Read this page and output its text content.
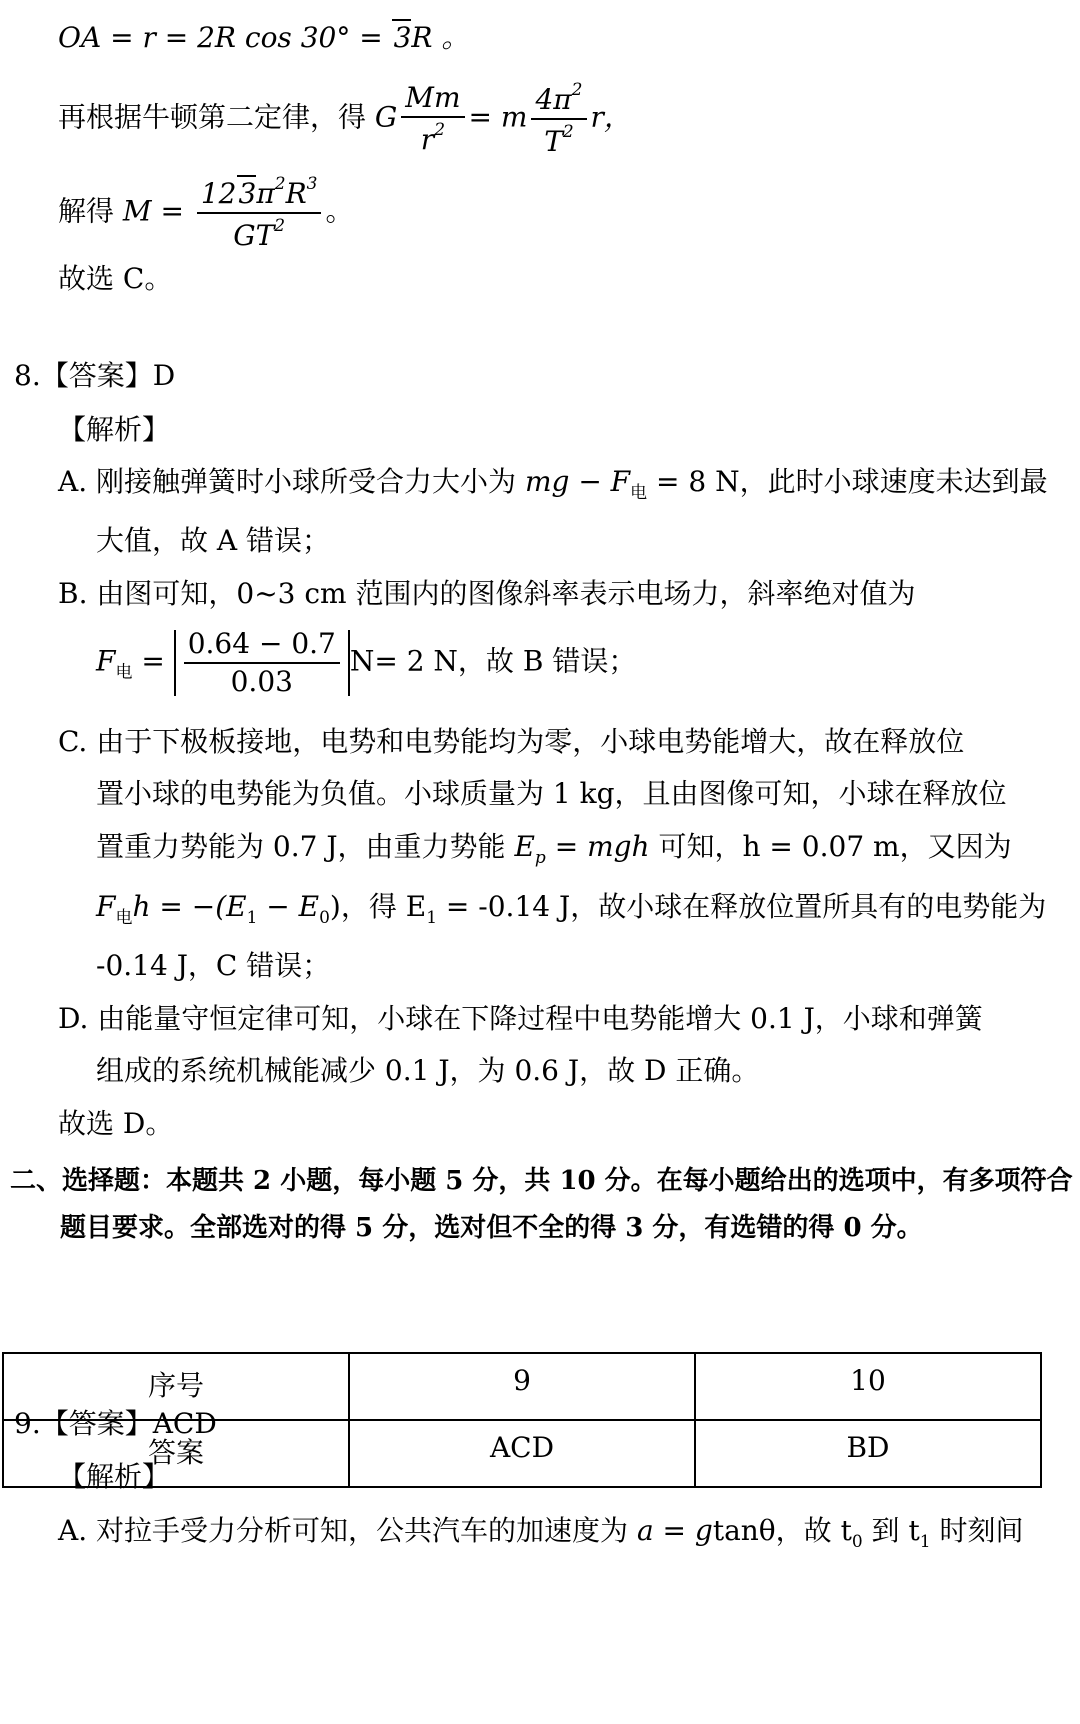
OA = r = 2R cos 30° = 3R 。
再根据牛顿第二定律，得 G $\frac{Mm}{r^2} = m \frac{4\pi^2}{T^2}$ r，
解得 $M = \frac{123\pi^2R^3}{GT^2}$ 。
故选 C。
8.【答案】D
【解析】
A. 刚接触弹簧时小球所受合力大小为 mg − $F_电 = 8$ N，此时小球速度未达到最
大值，故 A 错误；
B. 由图可知，0~3 cm 范围内的图像斜率表示电场力，斜率绝对值为
$F_电 = \frac{0.64 - 0.7}{0.03} N= 2$ N，故 B 错误；
C. 由于下极板接地，电势和电势能均为零，小球电势能增大，故在释放位
置小球的电势能为负值。小球质量为 1 kg，且由图像可知，小球在释放位
置重力势能为 0.7 J，由重力势能 $E_p$ = mgh 可知，h = 0.07 m，又因为
$F_电h = -(E_1 - E_0)$，得 $E_1 = -0.14$ J，故小球在释放位置所具有的电势能为
-0.14 J，C 错误；
D. 由能量守恒定律可知，小球在下降过程中电势能增大 0.1 J，小球和弹簧
组成的系统机械能减少 0.1 J，为 0.6 J，故 D 正确。
故选 D。
二、选择题：本题共 2 小题，每小题 5 分，共 10 分。在每小题给出的选项中，有多项符合
题目要求。全部选对的得 5 分，选对但不全的得 3 分，有选错的得 0 分。
序号	9	10
答案	ACD	BD
9.【答案】ACD
【解析】
A. 对拉手受力分析可知，公共汽车的加速度为 a = gtanθ，故 $t_0$ 到 $t_1$ 时刻间
